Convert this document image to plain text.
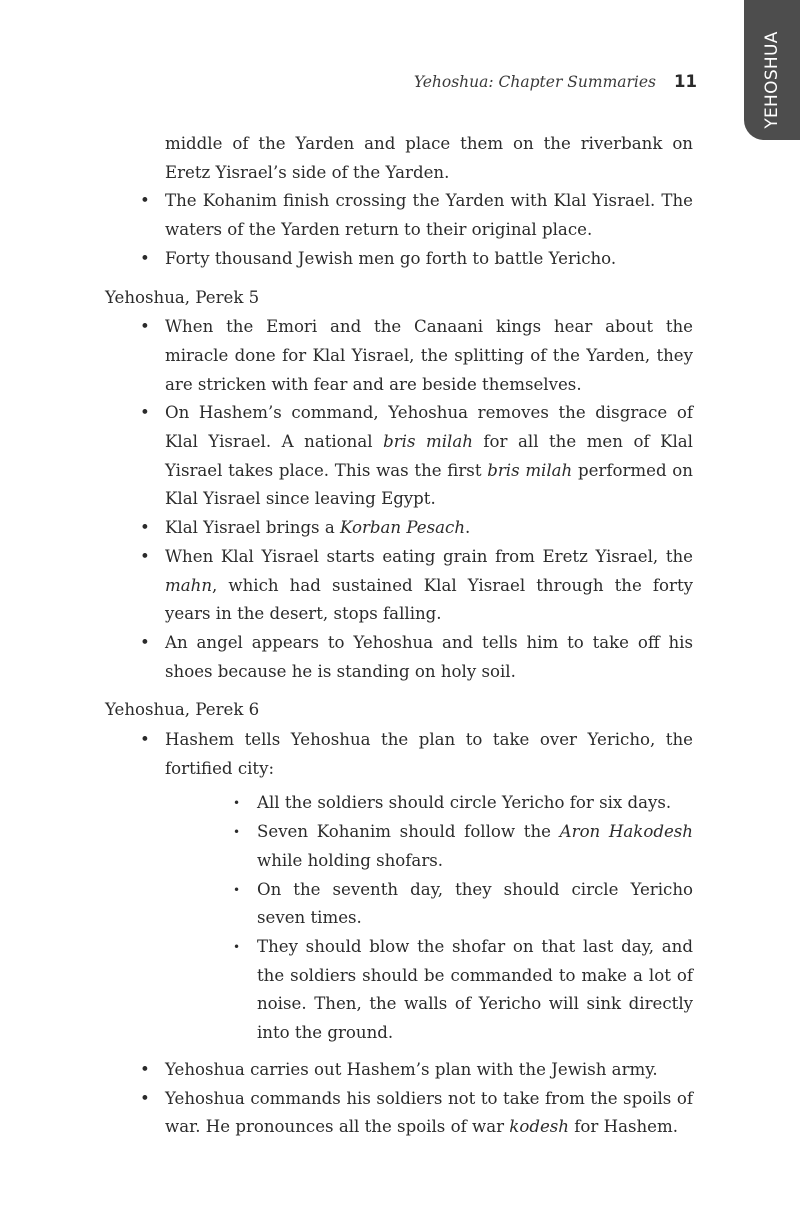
YEHOSHUA
Yehoshua: Chapter Summaries 11

middle of the Yarden and place them on the riverbank on Eretz Yisrael’s side of the Yarden.

• The Kohanim finish crossing the Yarden with Klal Yisrael. The waters of the Yarden return to their original place.
• Forty thousand Jewish men go forth to battle Yericho.

Yehoshua, Perek 5

• When the Emori and the Canaani kings hear about the miracle done for Klal Yisrael, the splitting of the Yarden, they are stricken with fear and are beside themselves.
• On Hashem’s command, Yehoshua removes the disgrace of Klal Yisrael. A national bris milah for all the men of Klal Yisrael takes place. This was the first bris milah performed on Klal Yisrael since leaving Egypt.
• Klal Yisrael brings a Korban Pesach.
• When Klal Yisrael starts eating grain from Eretz Yisrael, the mahn, which had sustained Klal Yisrael through the forty years in the desert, stops falling.
• An angel appears to Yehoshua and tells him to take off his shoes because he is standing on holy soil.

Yehoshua, Perek 6

• Hashem tells Yehoshua the plan to take over Yericho, the fortified city:
• All the soldiers should circle Yericho for six days.
• Seven Kohanim should follow the Aron Hakodesh while holding shofars.
• On the seventh day, they should circle Yericho seven times.
• They should blow the shofar on that last day, and the soldiers should be commanded to make a lot of noise. Then, the walls of Yericho will sink directly into the ground.
• Yehoshua carries out Hashem’s plan with the Jewish army.
• Yehoshua commands his soldiers not to take from the spoils of war. He pronounces all the spoils of war kodesh for Hashem.
